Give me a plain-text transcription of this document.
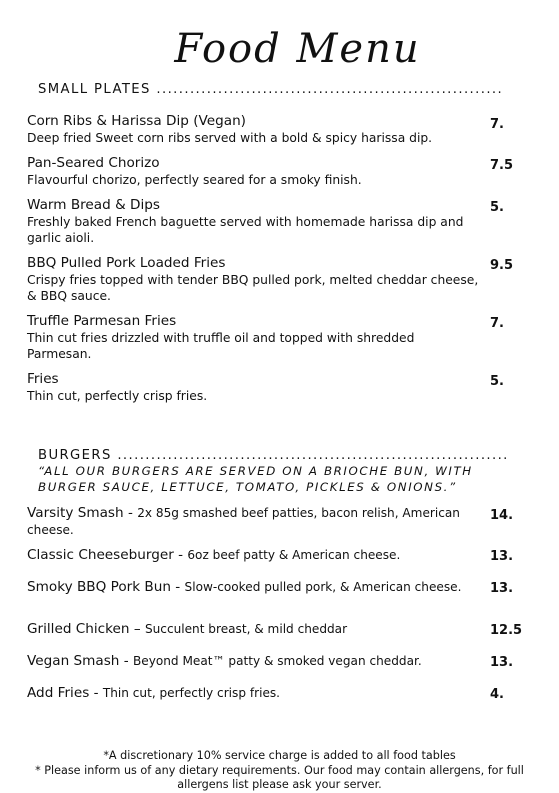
Food Menu
SMALL PLATES ..............................................................
Corn Ribs & Harissa Dip (Vegan)
Deep fried Sweet corn ribs served with a bold & spicy harissa dip.
7.
Pan-Seared Chorizo
Flavourful chorizo, perfectly seared for a smoky finish.
7.5
Warm Bread & Dips
Freshly baked French baguette served with homemade harissa dip and garlic aioli.
5.
BBQ Pulled Pork Loaded Fries
Crispy fries topped with tender BBQ pulled pork, melted cheddar cheese, & BBQ sauce.
9.5
Truffle Parmesan Fries
Thin cut fries drizzled with truffle oil and topped with shredded Parmesan.
7.
Fries
Thin cut, perfectly crisp fries.
5.
BURGERS ......................................................................
“ALL OUR BURGERS ARE SERVED ON A BRIOCHE BUN, WITH BURGER SAUCE, LETTUCE, TOMATO, PICKLES & ONIONS.”
Varsity Smash - 2x 85g smashed beef patties, bacon relish, American cheese.
14.
Classic Cheeseburger - 6oz beef patty & American cheese.	13.
Smoky BBQ Pork Bun - Slow-cooked pulled pork, & American cheese.	13.
Grilled Chicken – Succulent breast, & mild cheddar	12.5
Vegan Smash - Beyond Meat™ patty & smoked vegan cheddar.	13.
Add Fries - Thin cut, perfectly crisp fries.	4.
*A discretionary 10% service charge is added to all food tables
* Please inform us of any dietary requirements. Our food may contain allergens, for full allergens list please ask your server.
